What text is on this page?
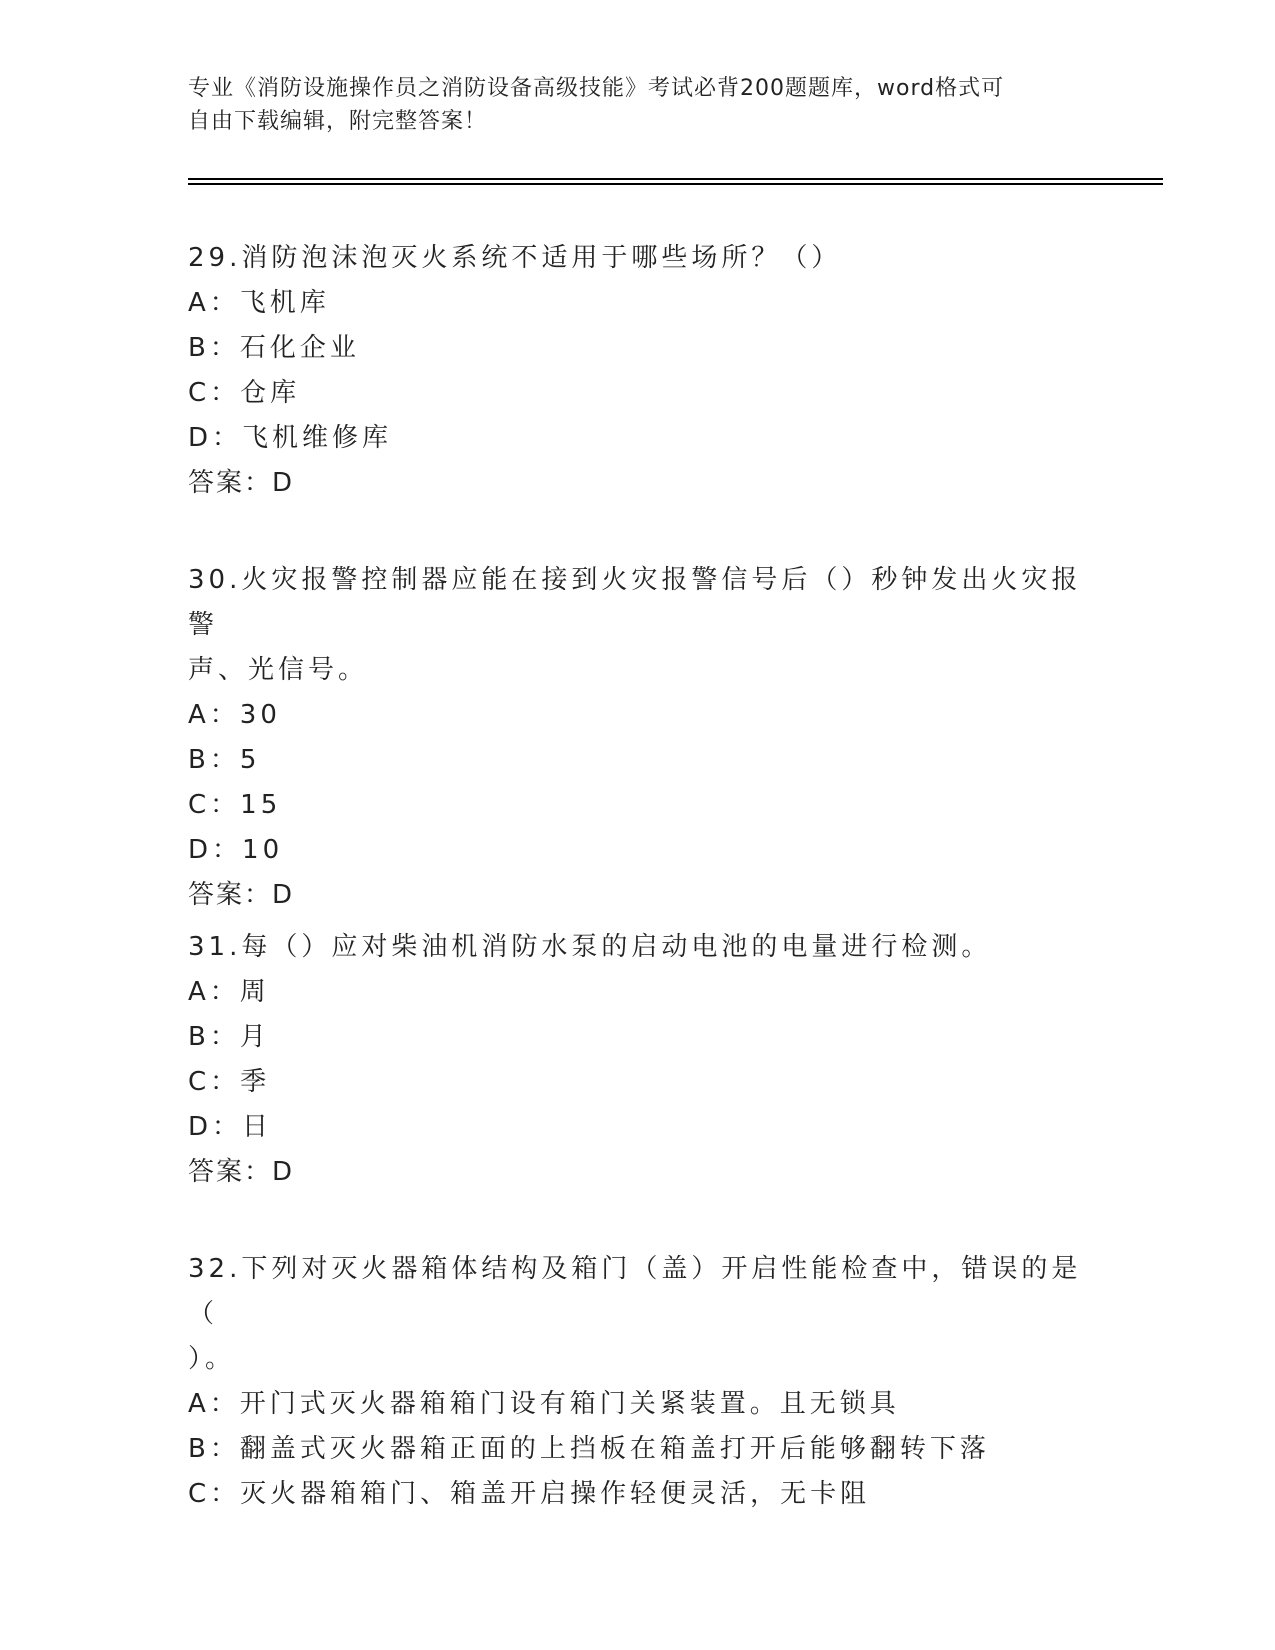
专业《消防设施操作员之消防设备高级技能》考试必背200题题库，word格式可
自由下载编辑，附完整答案！

29.消防泡沫泡灭火系统不适用于哪些场所？（）

A：飞机库

B：石化企业

C：仓库

D：飞机维修库

答案：D

30.火灾报警控制器应能在接到火灾报警信号后（）秒钟发出火灾报警

声、光信号。

A：30

B：5

C：15

D：10

答案：D

31.每（）应对柴油机消防水泵的启动电池的电量进行检测。

A：周

B：月

C：季

D：日

答案：D

32.下列对灭火器箱体结构及箱门（盖）开启性能检查中，错误的是（

）。

A：开门式灭火器箱箱门设有箱门关紧装置。且无锁具

B：翻盖式灭火器箱正面的上挡板在箱盖打开后能够翻转下落

C：灭火器箱箱门、箱盖开启操作轻便灵活，无卡阻
